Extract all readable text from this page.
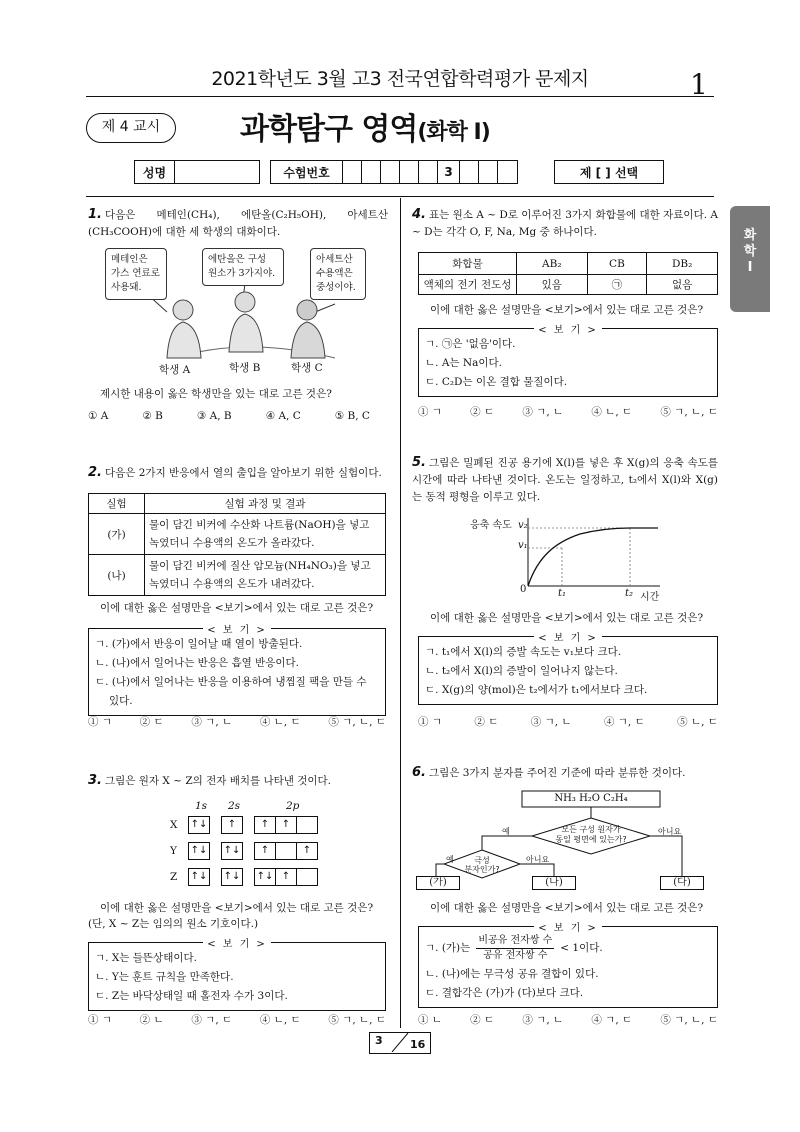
2021학년도 3월 고3 전국연합학력평가 문제지	1
제 4 교시	과학탐구 영역(화학 Ⅰ)
성명	수험번호	3	제 [ ] 선택
화
학
Ⅰ
1. 다음은 메테인(CH₄), 에탄올(C₂H₅OH), 아세트산(CH₃COOH)에 대한 세 학생의 대화이다.
메테인은
가스 연료로
사용돼.
에탄올은 구성
원소가 3가지야.
아세트산
수용액은
중성이야.
학생 A	학생 B	학생 C
제시한 내용이 옳은 학생만을 있는 대로 고른 것은?
① A	② B	③ A, B	④ A, C	⑤ B, C
2. 다음은 2가지 반응에서 열의 출입을 알아보기 위한 실험이다.
실험	실험 과정 및 결과
(가)	물이 담긴 비커에 수산화 나트륨(NaOH)을 넣고
녹였더니 수용액의 온도가 올라갔다.

(나)	물이 담긴 비커에 질산 암모늄(NH₄NO₃)을 넣고
녹였더니 수용액의 온도가 내려갔다.
이에 대한 옳은 설명만을 <보기>에서 있는 대로 고른 것은?
< 보 기 >
ㄱ. (가)에서 반응이 일어날 때 열이 방출된다.
ㄴ. (나)에서 일어나는 반응은 흡열 반응이다.
ㄷ. (나)에서 일어나는 반응을 이용하여 냉찜질 팩을 만들 수
있다.
① ㄱ	② ㄷ	③ ㄱ, ㄴ	④ ㄴ, ㄷ	⑤ ㄱ, ㄴ, ㄷ
3. 그림은 원자 X ~ Z의 전자 배치를 나타낸 것이다.
1s 2s	2p
X ↑↓ ↑ ↑ ↑
Y ↑↓ ↑↓ ↑	↑
Z ↑↓ ↑↓ ↑↓ ↑
이에 대한 옳은 설명만을 <보기>에서 있는 대로 고른 것은?
(단, X ~ Z는 임의의 원소 기호이다.)
< 보 기 >
ㄱ. X는 들뜬상태이다.
ㄴ. Y는 훈트 규칙을 만족한다.
ㄷ. Z는 바닥상태일 때 홀전자 수가 3이다.
① ㄱ	② ㄴ	③ ㄱ, ㄷ	④ ㄴ, ㄷ	⑤ ㄱ, ㄴ, ㄷ
4. 표는 원소 A ~ D로 이루어진 3가지 화합물에 대한 자료이다. A ~ D는 각각 O, F, Na, Mg 중 하나이다.
화합물	AB₂	CB	DB₂
액체의 전기 전도성	있음	㉠	없음
이에 대한 옳은 설명만을 <보기>에서 있는 대로 고른 것은?
< 보 기 >
ㄱ. ㉠은 '없음'이다.
ㄴ. A는 Na이다.
ㄷ. C₂D는 이온 결합 물질이다.
① ㄱ	② ㄷ	③ ㄱ, ㄴ	④ ㄴ, ㄷ	⑤ ㄱ, ㄴ, ㄷ
5. 그림은 밀폐된 진공 용기에 X(l)를 넣은 후 X(g)의 응축 속도를 시간에 따라 나타낸 것이다. 온도는 일정하고, t₂에서 X(l)와 X(g)는 동적 평형을 이루고 있다.
응축 속도 v₂
v₁
0	t₁	t₂ 시간
이에 대한 옳은 설명만을 <보기>에서 있는 대로 고른 것은?
< 보 기 >
ㄱ. t₁에서 X(l)의 증발 속도는 v₁보다 크다.
ㄴ. t₂에서 X(l)의 증발이 일어나지 않는다.
ㄷ. X(g)의 양(mol)은 t₂에서가 t₁에서보다 크다.
① ㄱ	② ㄷ	③ ㄱ, ㄴ	④ ㄱ, ㄷ	⑤ ㄴ, ㄷ
6. 그림은 3가지 분자를 주어진 기준에 따라 분류한 것이다.
NH₃ H₂O C₂H₄
모든 구성 원자가
동일 평면에 있는가?
극성
분자인가?
예	아니요
예	아니요
(가)	(나)	(다)
이에 대한 옳은 설명만을 <보기>에서 있는 대로 고른 것은?
< 보 기 >
ㄱ. (가)는
비공유 전자쌍 수
공유 전자쌍 수
< 1이다.
ㄴ. (나)에는 무극성 공유 결합이 있다.
ㄷ. 결합각은 (가)가 (다)보다 크다.
① ㄴ	② ㄷ	③ ㄱ, ㄴ	④ ㄱ, ㄷ	⑤ ㄱ, ㄴ, ㄷ
3 16
